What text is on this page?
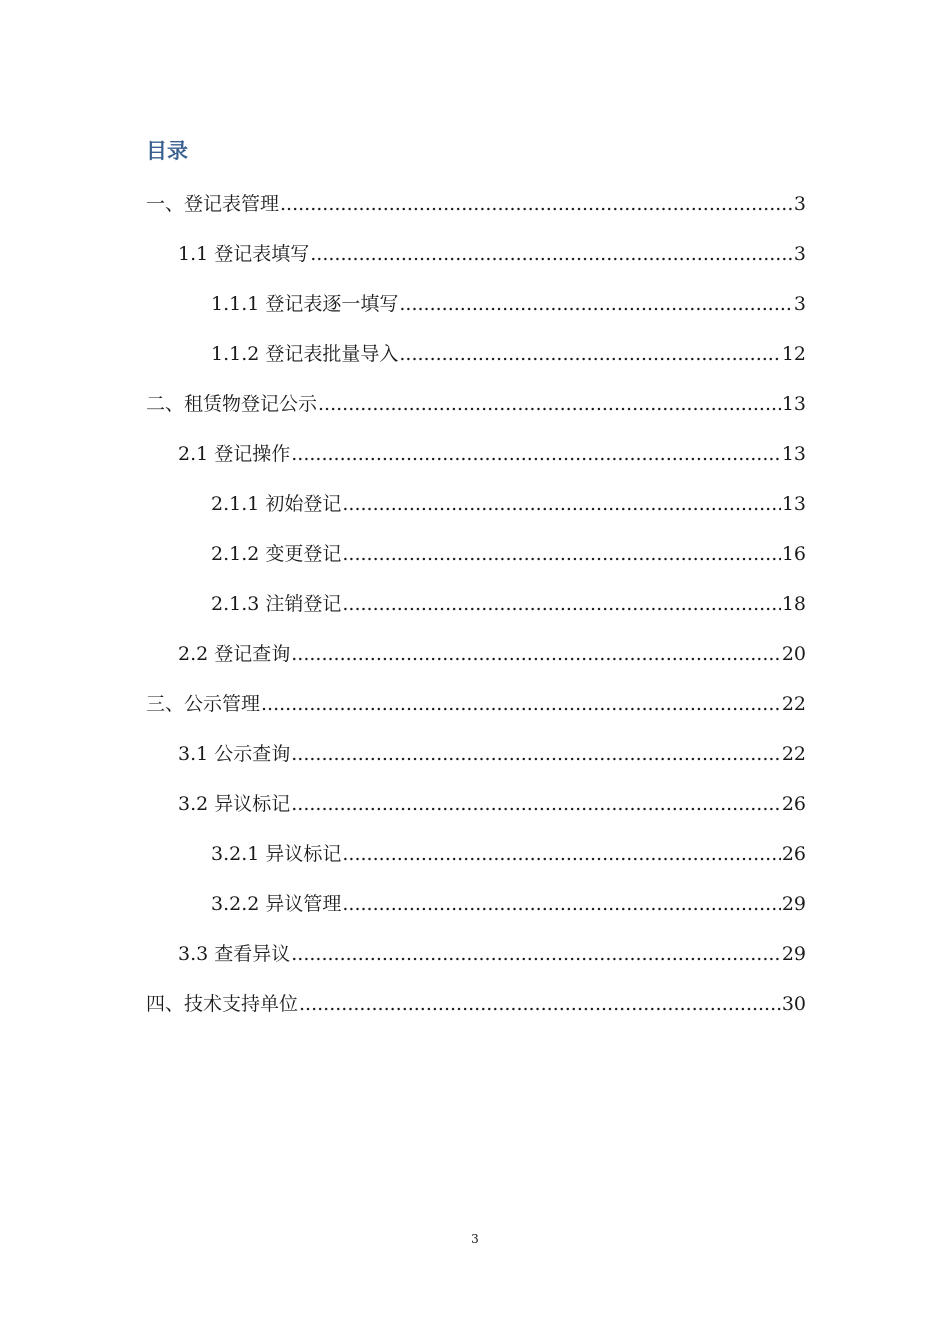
目录
一、登记表管理 .....	3
1.1 登记表填写 .....	3
1.1.1 登记表逐一填写 .....	3
1.1.2 登记表批量导入 .....	12
二、租赁物登记公示 .....	13
2.1 登记操作 .....	13
2.1.1 初始登记 .....	13
2.1.2 变更登记 .....	16
2.1.3 注销登记 .....	18
2.2 登记查询 .....	20
三、公示管理 .....	22
3.1 公示查询 .....	22
3.2 异议标记 .....	26
3.2.1 异议标记 .....	26
3.2.2 异议管理 .....	29
3.3 查看异议 .....	29
四、技术支持单位 .....	30
3
